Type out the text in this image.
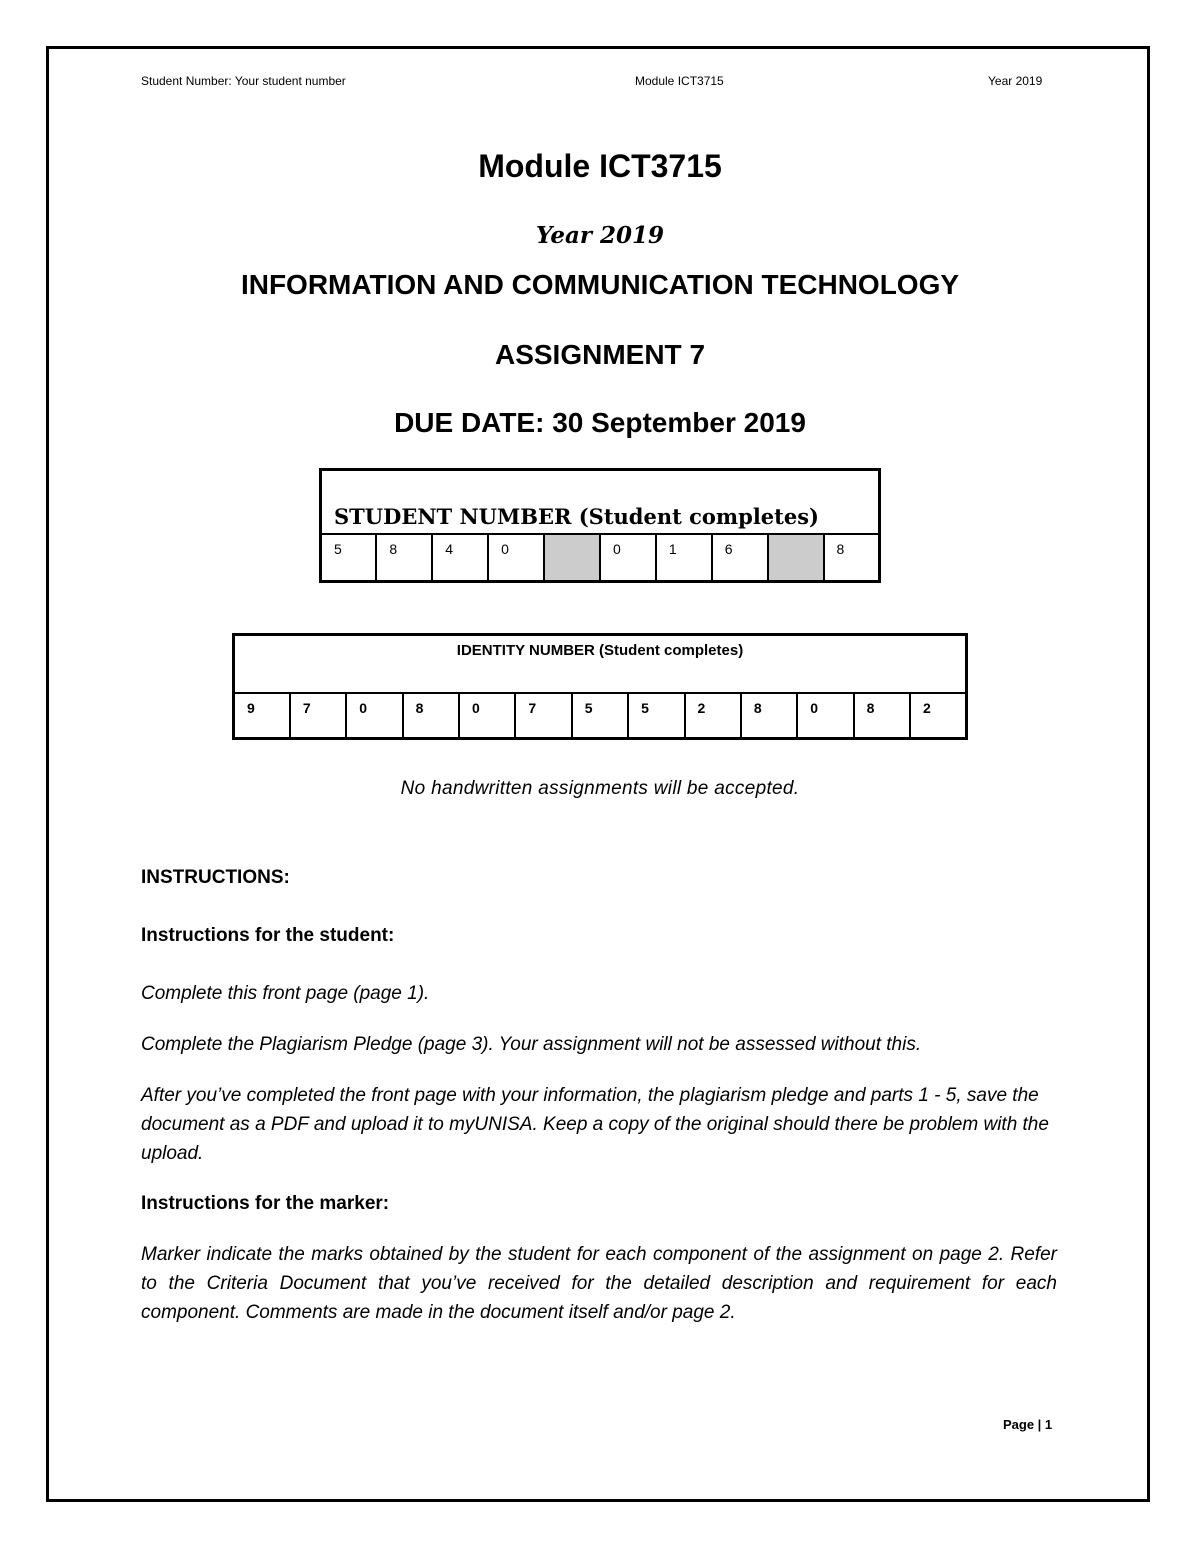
Student Number: Your student number	Module ICT3715	Year 2019
Module ICT3715
Year 2019
INFORMATION AND COMMUNICATION TECHNOLOGY
ASSIGNMENT 7
DUE DATE: 30 September 2019
STUDENT NUMBER (Student completes)
5	8	4	0		0	1	6		8
IDENTITY NUMBER (Student completes)
9	7	0	8	0	7	5	5	2	8	0	8	2
No handwritten assignments will be accepted.
INSTRUCTIONS:
Instructions for the student:
Complete this front page (page 1).
Complete the Plagiarism Pledge (page 3). Your assignment will not be assessed without this.
After you’ve completed the front page with your information, the plagiarism pledge and parts 1 - 5, save the document as a PDF and upload it to myUNISA. Keep a copy of the original should there be problem with the upload.
Instructions for the marker:
Marker indicate the marks obtained by the student for each component of the assignment on page 2. Refer to the Criteria Document that you’ve received for the detailed description and requirement for each component. Comments are made in the document itself and/or page 2.
Page | 1
